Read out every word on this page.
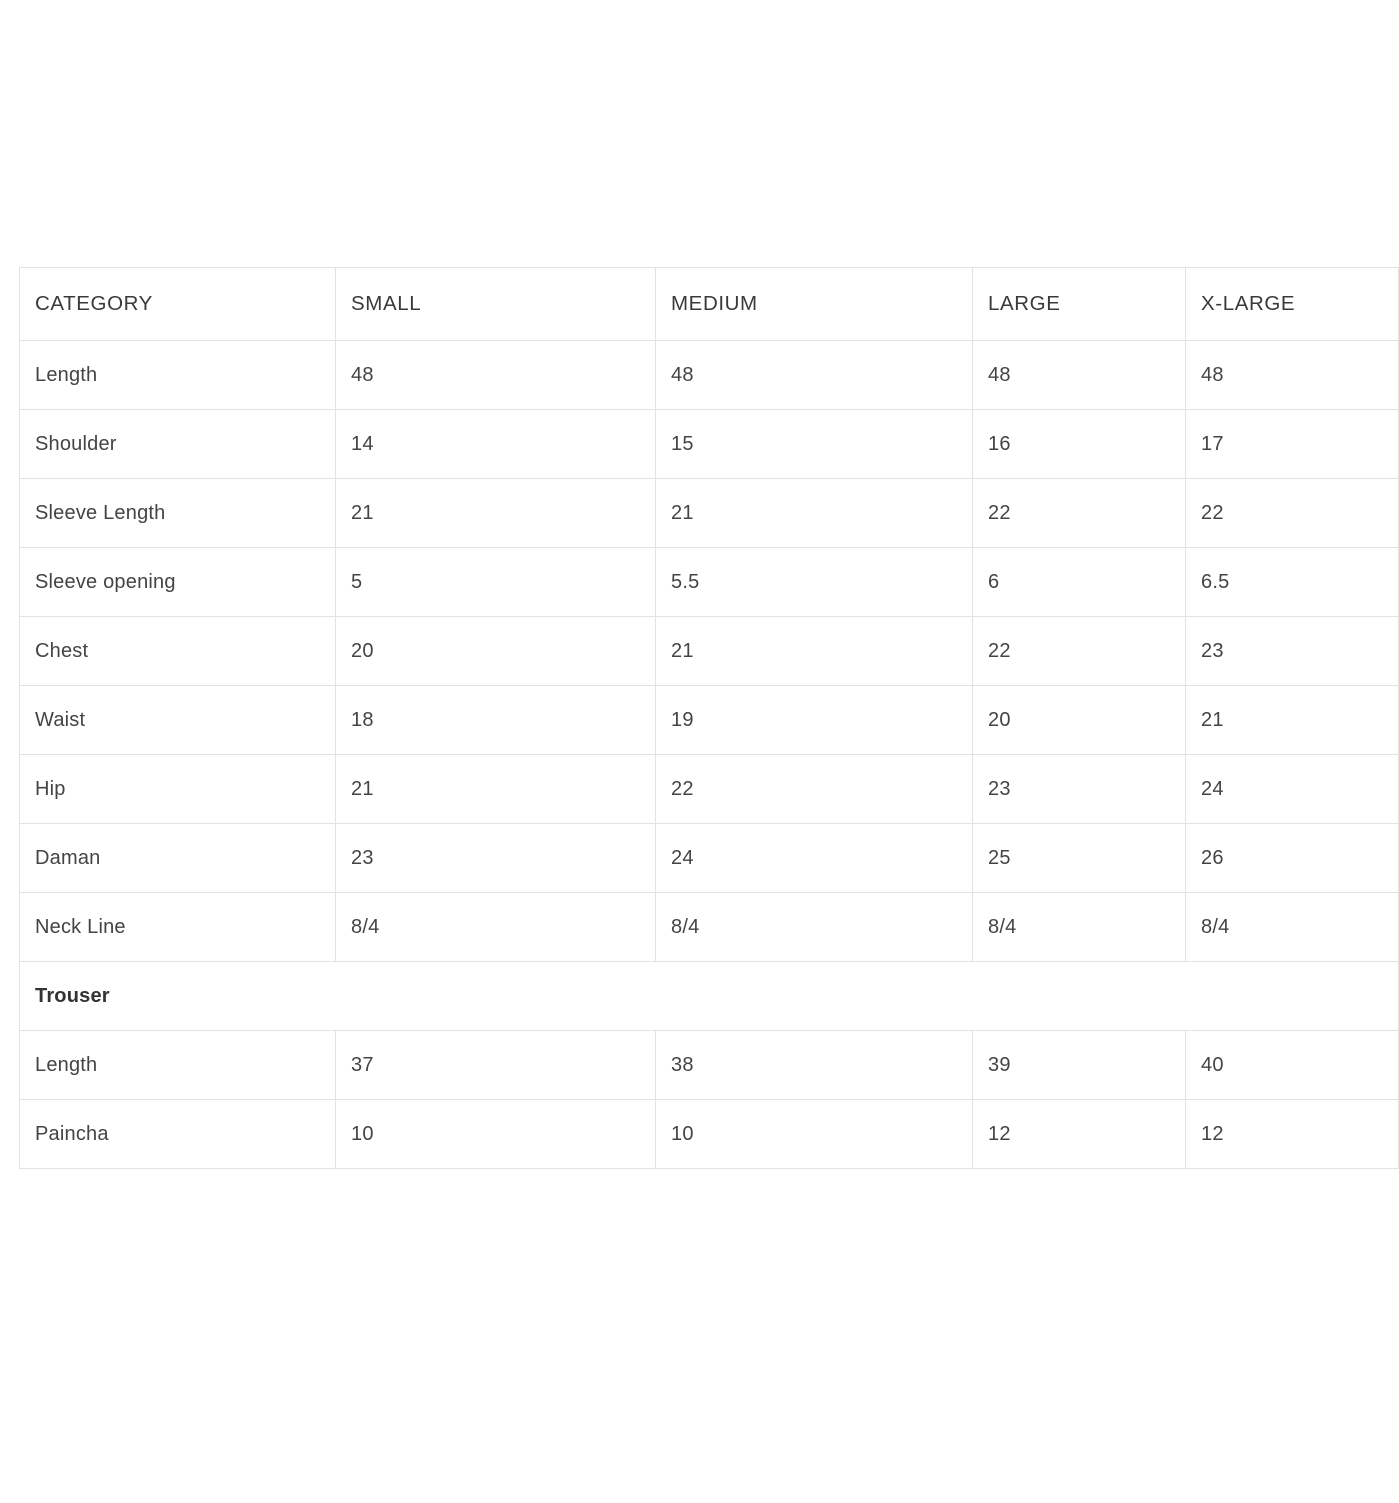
CATEGORY	SMALL	MEDIUM	LARGE	X-LARGE
Length	48	48	48	48
Shoulder	14	15	16	17
Sleeve Length	21	21	22	22
Sleeve opening	5	5.5	6	6.5
Chest	20	21	22	23
Waist	18	19	20	21
Hip	21	22	23	24
Daman	23	24	25	26
Neck Line	8/4	8/4	8/4	8/4
Trouser				
Length	37	38	39	40
Paincha	10	10	12	12
